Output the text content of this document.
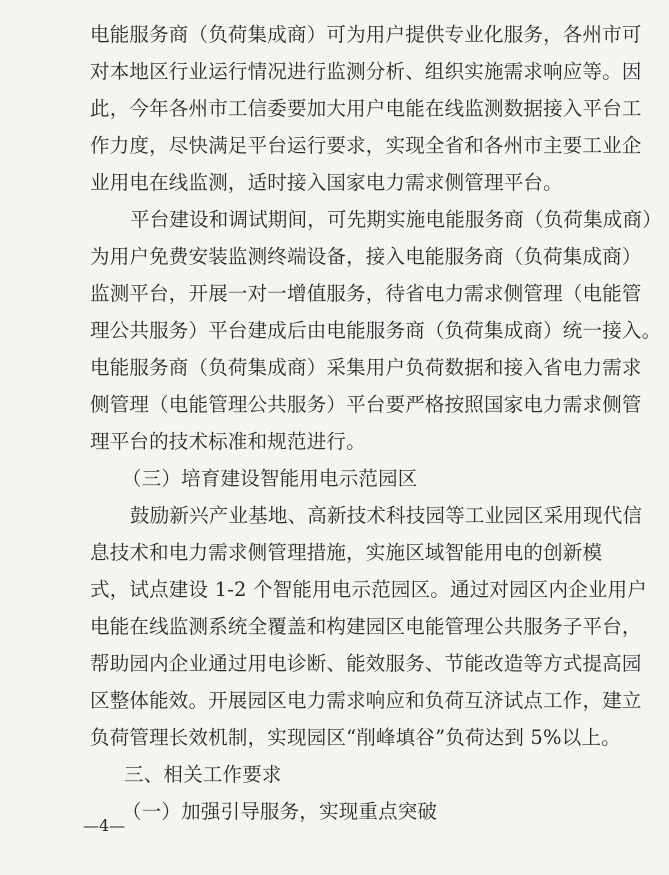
电能服务商（负荷集成商）可为用户提供专业化服务，各州市可
对本地区行业运行情况进行监测分析、组织实施需求响应等。因
此，今年各州市工信委要加大用户电能在线监测数据接入平台工
作力度，尽快满足平台运行要求，实现全省和各州市主要工业企
业用电在线监测，适时接入国家电力需求侧管理平台。
平台建设和调试期间，可先期实施电能服务商（负荷集成商）
为用户免费安装监测终端设备，接入电能服务商（负荷集成商）
监测平台，开展一对一增值服务，待省电力需求侧管理（电能管
理公共服务）平台建成后由电能服务商（负荷集成商）统一接入。
电能服务商（负荷集成商）采集用户负荷数据和接入省电力需求
侧管理（电能管理公共服务）平台要严格按照国家电力需求侧管
理平台的技术标准和规范进行。
（三）培育建设智能用电示范园区
鼓励新兴产业基地、高新技术科技园等工业园区采用现代信
息技术和电力需求侧管理措施，实施区域智能用电的创新模
式，试点建设 1-2 个智能用电示范园区。通过对园区内企业用户
电能在线监测系统全覆盖和构建园区电能管理公共服务子平台，
帮助园内企业通过用电诊断、能效服务、节能改造等方式提高园
区整体能效。开展园区电力需求响应和负荷互济试点工作，建立
负荷管理长效机制，实现园区“削峰填谷”负荷达到 5%以上。
三、相关工作要求
（一）加强引导服务，实现重点突破
—4—
